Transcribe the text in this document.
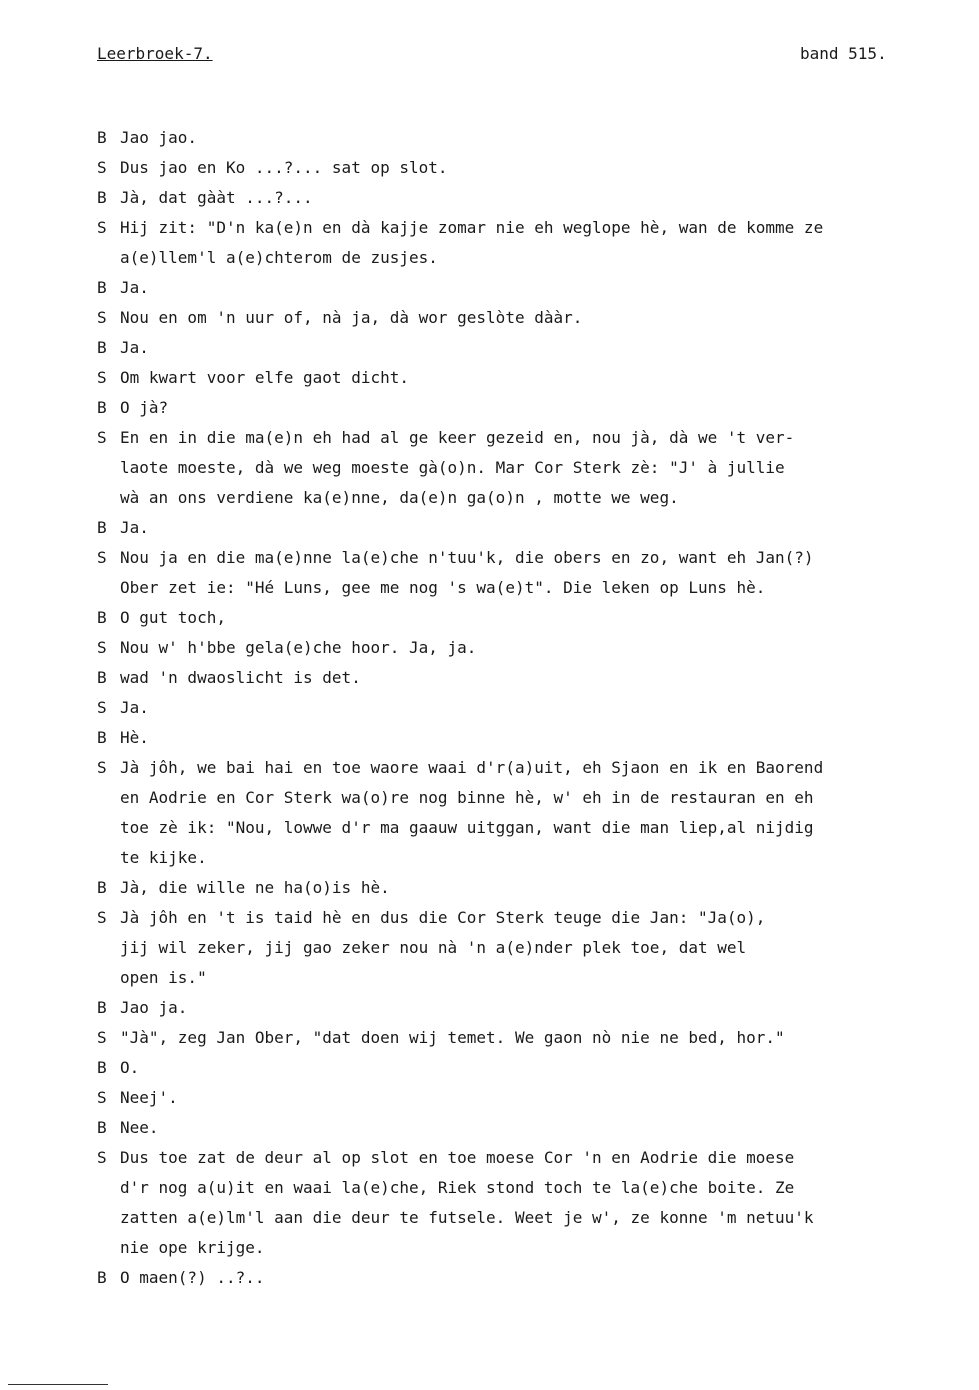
Leerbroek-7.	band 515.
B Jao jao.
S Dus jao en Ko ...?... sat op slot.
B Jà, dat gààt ...?...
S Hij zit: "D'n ka(e)n en dà kajje zomar nie eh weglope hè, wan de komme ze
a(e)llem'l a(e)chterom de zusjes.
B Ja.
S Nou en om 'n uur of, nà ja, dà wor geslòte dààr.
B Ja.
S Om kwart voor elfe gaot dicht.
B O jà?
S En en in die ma(e)n eh had al ge keer gezeid en, nou jà, dà we 't ver-
laote moeste, dà we weg moeste gà(o)n. Mar Cor Sterk zè: "J' à jullie
wà an ons verdiene ka(e)nne, da(e)n ga(o)n , motte we weg.
B Ja.
S Nou ja en die ma(e)nne la(e)che n'tuu'k, die obers en zo, want eh Jan(?)
Ober zet ie: "Hé Luns, gee me nog 's wa(e)t". Die leken op Luns hè.
B O gut toch,
S Nou w' h'bbe gela(e)che hoor. Ja, ja.
B wad 'n dwaoslicht is det.
S Ja.
B Hè.
S Jà jôh, we bai hai en toe waore waai d'r(a)uit, eh Sjaon en ik en Baorend
en Aodrie en Cor Sterk wa(o)re nog binne hè, w' eh in de restauran en eh
toe zè ik: "Nou, lowwe d'r ma gaauw uitggan, want die man liep,al nijdig
te kijke.
B Jà, die wille ne ha(o)is hè.
S Jà jôh en 't is taid hè en dus die Cor Sterk teuge die Jan: "Ja(o),
jij wil zeker, jij gao zeker nou nà 'n a(e)nder plek toe, dat wel
open is."
B Jao ja.
S "Jà", zeg Jan Ober, "dat doen wij temet. We gaon nò nie ne bed, hor."
B O.
S Neej'.
B Nee.
S Dus toe zat de deur al op slot en toe moese Cor 'n en Aodrie die moese
d'r nog a(u)it en waai la(e)che, Riek stond toch te la(e)che boite. Ze
zatten a(e)lm'l aan die deur te futsele. Weet je w', ze konne 'm netuu'k
nie ope krijge.
B O maen(?) ..?..
